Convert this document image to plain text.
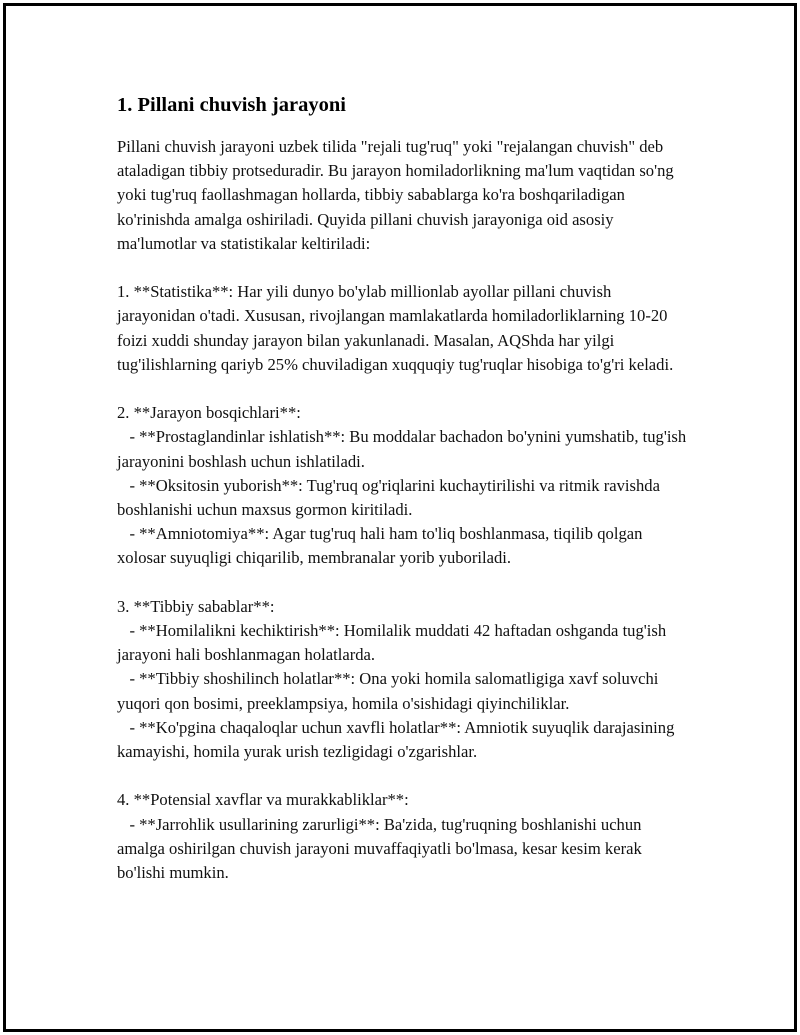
1. Pillani chuvish jarayoni

Pillani chuvish jarayoni uzbek tilida "rejali tug'ruq" yoki "rejalangan chuvish" deb ataladigan tibbiy protseduradir. Bu jarayon homiladorlikning ma'lum vaqtidan so'ng yoki tug'ruq faollashmagan hollarda, tibbiy sabablarga ko'ra boshqariladigan ko'rinishda amalga oshiriladi. Quyida pillani chuvish jarayoniga oid asosiy ma'lumotlar va statistikalar keltiriladi:

1. **Statistika**: Har yili dunyo bo'ylab millionlab ayollar pillani chuvish jarayonidan o'tadi. Xususan, rivojlangan mamlakatlarda homiladorliklarning 10-20 foizi xuddi shunday jarayon bilan yakunlanadi. Masalan, AQShda har yilgi tug'ilishlarning qariyb 25% chuviladigan xuqquqiy tug'ruqlar hisobiga to'g'ri keladi.

2. **Jarayon bosqichlari**:

- **Prostaglandinlar ishlatish**: Bu moddalar bachadon bo'ynini yumshatib, tug'ish jarayonini boshlash uchun ishlatiladi.

- **Oksitosin yuborish**: Tug'ruq og'riqlarini kuchaytirilishi va ritmik ravishda boshlanishi uchun maxsus gormon kiritiladi.

- **Amniotomiya**: Agar tug'ruq hali ham to'liq boshlanmasa, tiqilib qolgan xolosar suyuqligi chiqarilib, membranalar yorib yuboriladi.

3. **Tibbiy sabablar**:

- **Homilalikni kechiktirish**: Homilalik muddati 42 haftadan oshganda tug'ish jarayoni hali boshlanmagan holatlarda.

- **Tibbiy shoshilinch holatlar**: Ona yoki homila salomatligiga xavf soluvchi yuqori qon bosimi, preeklampsiya, homila o'sishidagi qiyinchiliklar.

- **Ko'pgina chaqaloqlar uchun xavfli holatlar**: Amniotik suyuqlik darajasining kamayishi, homila yurak urish tezligidagi o'zgarishlar.

4. **Potensial xavflar va murakkabliklar**:

- **Jarrohlik usullarining zarurligi**: Ba'zida, tug'ruqning boshlanishi uchun amalga oshirilgan chuvish jarayoni muvaffaqiyatli bo'lmasa, kesar kesim kerak bo'lishi mumkin.
